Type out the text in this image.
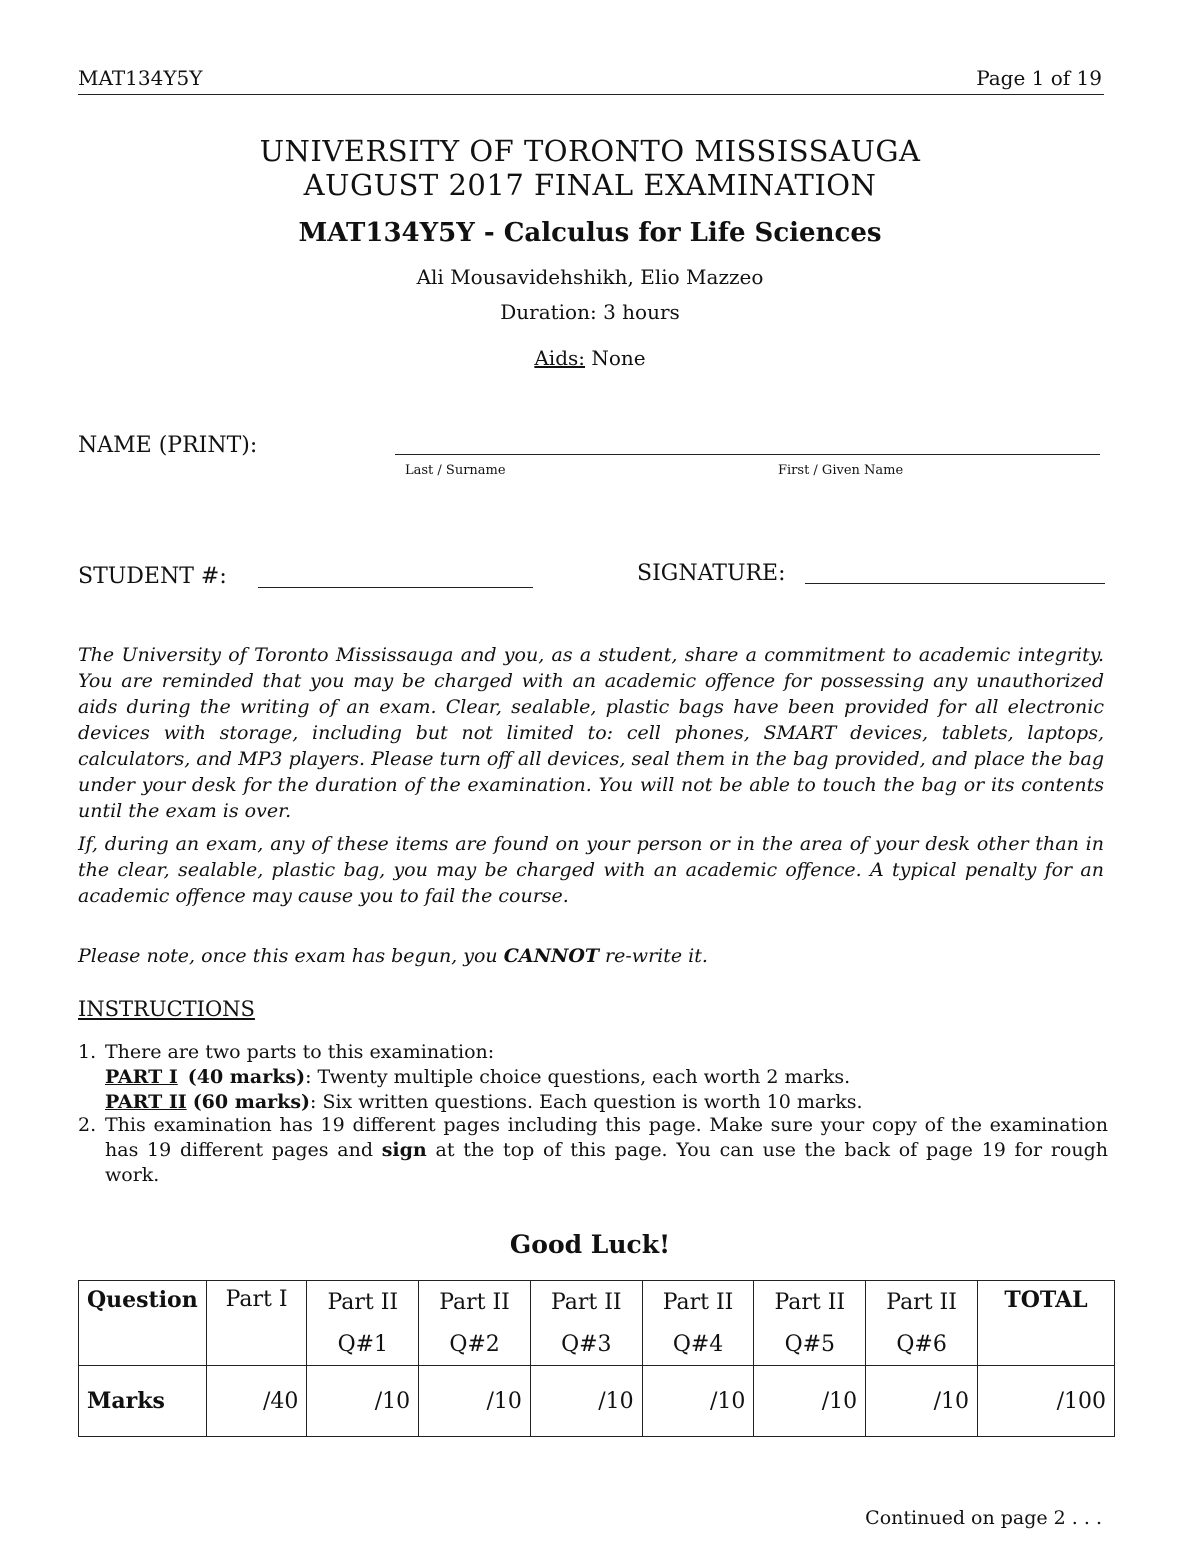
MAT134Y5Y	Page 1 of 19
UNIVERSITY OF TORONTO MISSISSAUGA
AUGUST 2017 FINAL EXAMINATION
MAT134Y5Y - Calculus for Life Sciences
Ali Mousavidehshikh, Elio Mazzeo
Duration: 3 hours
Aids: None
NAME (PRINT):
Last / Surname	First / Given Name
STUDENT #:	SIGNATURE:
The University of Toronto Mississauga and you, as a student, share a commitment to academic integrity. You are reminded that you may be charged with an academic offence for possessing any unauthorized aids during the writing of an exam. Clear, sealable, plastic bags have been provided for all electronic devices with storage, including but not limited to: cell phones, SMART devices, tablets, laptops, calculators, and MP3 players. Please turn off all devices, seal them in the bag provided, and place the bag under your desk for the duration of the examination. You will not be able to touch the bag or its contents until the exam is over.
If, during an exam, any of these items are found on your person or in the area of your desk other than in the clear, sealable, plastic bag, you may be charged with an academic offence. A typical penalty for an academic offence may cause you to fail the course.
Please note, once this exam has begun, you CANNOT re-write it.
INSTRUCTIONS
1. There are two parts to this examination:
PART I (40 marks): Twenty multiple choice questions, each worth 2 marks.
PART II (60 marks): Six written questions. Each question is worth 10 marks.
2. This examination has 19 different pages including this page. Make sure your copy of the examination has 19 different pages and sign at the top of this page. You can use the back of page 19 for rough work.
Good Luck!
Question	Part I	Part II	Part II	Part II	Part II	Part II	Part II	TOTAL
		Q#1	Q#2	Q#3	Q#4	Q#5	Q#6	
Marks	/40	/10	/10	/10	/10	/10	/10	/100
Continued on page 2 . . .
